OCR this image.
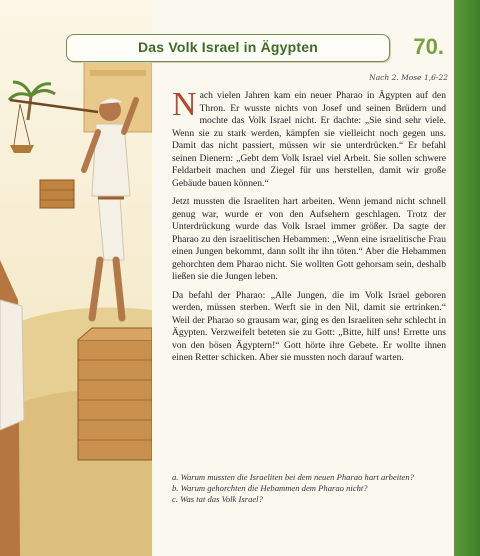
Das Volk Israel in Ägypten	70.
Nach 2. Mose 1,6-22

Nach vielen Jahren kam ein neuer Pharao in Ägypten auf den Thron. Er wusste nichts von Josef und seinen Brüdern und mochte das Volk Israel nicht. Er dachte: „Sie sind sehr viele. Wenn sie zu stark werden, kämpfen sie vielleicht noch gegen uns. Damit das nicht passiert, müssen wir sie unterdrücken.“ Er befahl seinen Dienern: „Gebt dem Volk Israel viel Arbeit. Sie sollen schwere Feldarbeit machen und Ziegel für uns herstellen, damit wir große Gebäude bauen können.“

Jetzt mussten die Israeliten hart arbeiten. Wenn jemand nicht schnell genug war, wurde er von den Aufsehern geschlagen. Trotz der Unterdrückung wurde das Volk Israel immer größer. Da sagte der Pharao zu den israelitischen Hebammen: „Wenn eine israelitische Frau einen Jungen bekommt, dann sollt ihr ihn töten.“ Aber die Hebammen gehorchten dem Pharao nicht. Sie wollten Gott gehorsam sein, deshalb ließen sie die Jungen leben.

Da befahl der Pharao: „Alle Jungen, die im Volk Israel geboren werden, müssen sterben. Werft sie in den Nil, damit sie ertrinken.“ Weil der Pharao so grausam war, ging es den Israeliten sehr schlecht in Ägypten. Verzweifelt beteten sie zu Gott: „Bitte, hilf uns! Errette uns von den bösen Ägyptern!“ Gott hörte ihre Gebete. Er wollte ihnen einen Retter schicken. Aber sie mussten noch darauf warten.

a. Warum mussten die Israeliten bei dem neuen Pharao hart arbeiten?
b. Warum gehorchten die Hebammen dem Pharao nicht?
c. Was tat das Volk Israel?
